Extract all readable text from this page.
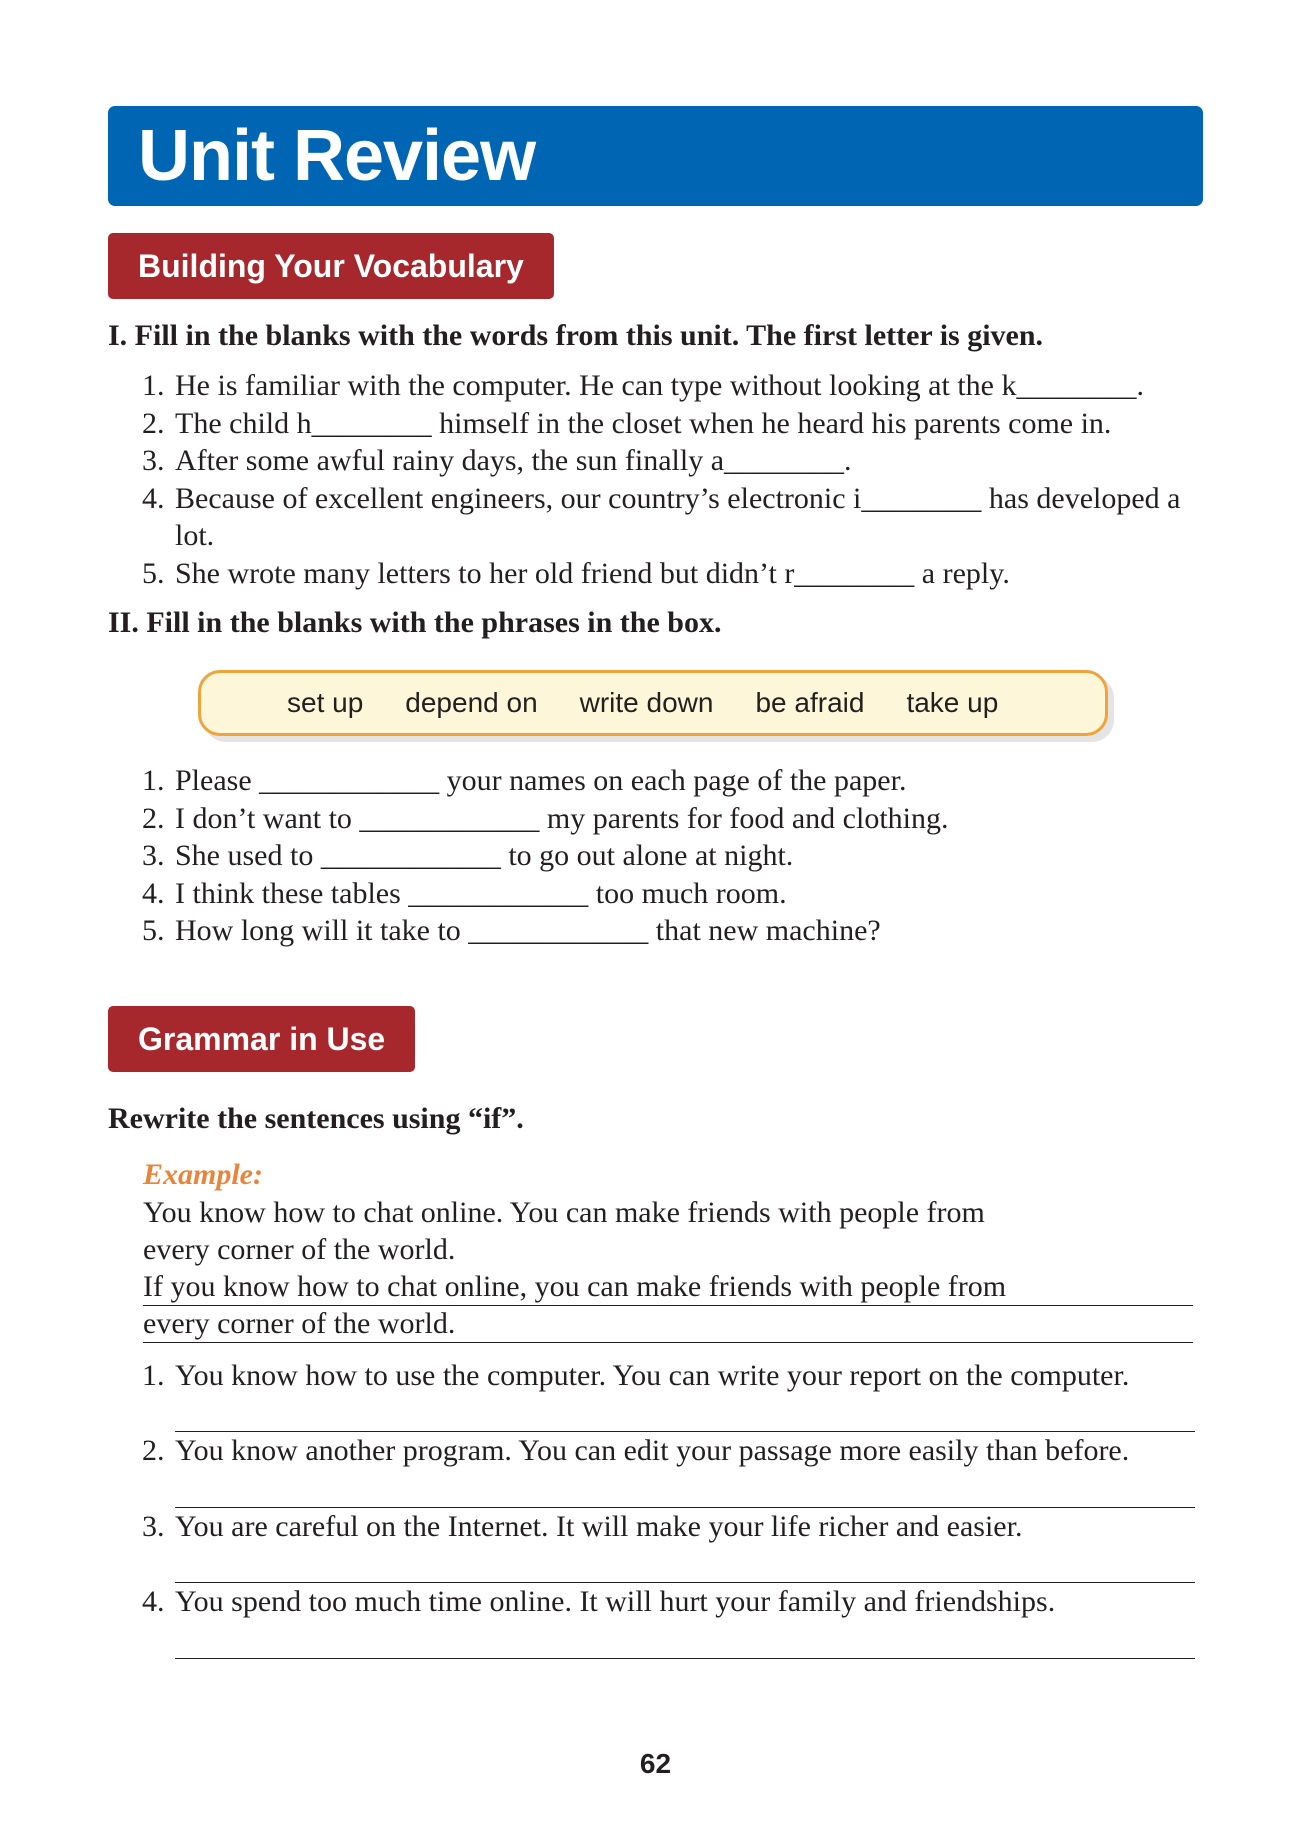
Unit Review
Building Your Vocabulary
I. Fill in the blanks with the words from this unit. The first letter is given.
1. He is familiar with the computer. He can type without looking at the k________.
2. The child h________ himself in the closet when he heard his parents come in.
3. After some awful rainy days, the sun finally a________.
4. Because of excellent engineers, our country’s electronic i________ has developed a lot.
5. She wrote many letters to her old friend but didn’t r________ a reply.
II. Fill in the blanks with the phrases in the box.
set up depend on write down be afraid take up
1. Please ____________ your names on each page of the paper.
2. I don’t want to ____________ my parents for food and clothing.
3. She used to ____________ to go out alone at night.
4. I think these tables ____________ too much room.
5. How long will it take to ____________ that new machine?
Grammar in Use
Rewrite the sentences using “if”.
Example:
You know how to chat online. You can make friends with people from
every corner of the world.
If you know how to chat online, you can make friends with people from
every corner of the world.
1. You know how to use the computer. You can write your report on the computer.
2. You know another program. You can edit your passage more easily than before.
3. You are careful on the Internet. It will make your life richer and easier.
4. You spend too much time online. It will hurt your family and friendships.
62
